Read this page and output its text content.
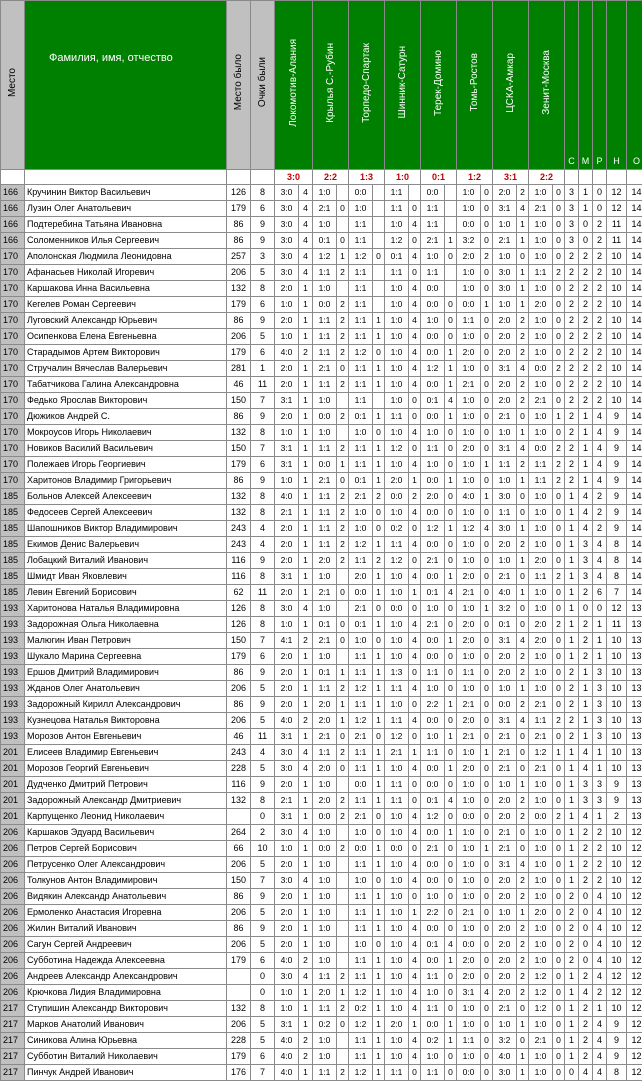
Место	Фамилия, имя, отчество	Место было	Очки были	Локомотив-Алания		Крылья С.-Рубин		Торпедо-Спартак		Шинник-Сатурн		Терек-Домино		Томь-Ростов		ЦСКА-Амкар		Зенит-Москва		С	М	Р	Н	О
				3:0		2:2		1:3		1:0		0:1		1:2		3:1		2:2						
166	Кручинин Виктор Васильевич	126	8	3:0	4	1:0		0:0		1:1		0:0		1:0	0	2:0	2	1:0	0	3	1	0	12	14
166	Лузин Олег Анатольевич	179	6	3:0	4	2:1	0	1:0		1:1	0	1:1		1:0	0	3:1	4	2:1	0	3	1	0	12	14
166	Подтеребина Татьяна Ивановна	86	9	3:0	4	1:0		1:1		1:0	4	1:1		0:0	0	1:0	1	1:0	0	3	0	2	11	14
166	Соломенников Илья Сергеевич	86	9	3:0	4	0:1	0	1:1		1:2	0	2:1	1	3:2	0	2:1	1	1:0	0	3	0	2	11	14
170	Аполонская Людмила Леонидовна	257	3	3:0	4	1:2	1	1:2	0	0:1	4	1:0	0	2:0	2	1:0	0	1:0	0	2	2	2	10	14
170	Афанасьев Николай Игоревич	206	5	3:0	4	1:1	2	1:1		1:1	0	1:1		1:0	0	3:0	1	1:1	2	2	2	2	10	14
170	Каршакова Инна Васильевна	132	8	2:0	1	1:0		1:1		1:0	4	0:0		1:0	0	3:0	1	1:0	0	2	2	2	10	14
170	Кегелев Роман Сергеевич	179	6	1:0	1	0:0	2	1:1		1:0	4	0:0	0	0:0	1	1:0	1	2:0	0	2	2	2	10	14
170	Луговский Александр Юрьевич	86	9	2:0	1	1:1	2	1:1	1	1:0	4	1:0	0	1:1	0	2:0	2	1:0	0	2	2	2	10	14
170	Осипенкова Елена Евгеньевна	206	5	1:0	1	1:1	2	1:1	1	1:0	4	0:0	0	1:0	0	2:0	2	1:0	0	2	2	2	10	14
170	Старадымов Артем Викторович	179	6	4:0	2	1:1	2	1:2	0	1:0	4	0:0	1	2:0	0	2:0	2	1:0	0	2	2	2	10	14
170	Стручалин Вячеслав Валерьевич	281	1	2:0	1	2:1	0	1:1	1	1:0	4	1:2	1	1:0	0	3:1	4	0:0	2	2	2	2	10	14
170	Табатчикова Галина Александровна	46	11	2:0	1	1:1	2	1:1	1	1:0	4	0:0	1	2:1	0	2:0	2	1:0	0	2	2	2	10	14
170	Федько Ярослав Викторович	150	7	3:1	1	1:0		1:1		1:0	0	0:1	4	1:0	0	2:0	2	2:1	0	2	2	2	10	14
170	Дюжиков Андрей С.	86	9	2:0	1	0:0	2	0:1	1	1:1	0	0:0	1	1:0	0	2:1	0	1:0	1	2	1	4	9	14
170	Мокроусов Игорь Николаевич	132	8	1:0	1	1:0		1:0	0	1:0	4	1:0	0	1:0	0	1:0	1	1:0	0	2	1	4	9	14
170	Новиков Василий Васильевич	150	7	3:1	1	1:1	2	1:1	1	1:2	0	1:1	0	2:0	0	3:1	4	0:0	2	2	1	4	9	14
170	Полежаев Игорь Георгиевич	179	6	3:1	1	0:0	1	1:1	1	1:0	4	1:0	0	1:0	1	1:1	2	1:1	2	2	1	4	9	14
170	Харитонов Владимир Григорьевич	86	9	1:0	1	2:1	0	0:1	1	2:0	1	0:0	1	1:0	0	1:0	1	1:1	2	2	1	4	9	14
185	Больнов Алексей Алексеевич	132	8	4:0	1	1:1	2	2:1	2	0:0	2	2:0	0	4:0	1	3:0	0	1:0	0	1	4	2	9	14
185	Федосеев Сергей Алексеевич	132	8	2:1	1	1:1	2	1:0	0	1:0	4	0:0	0	1:0	0	1:1	0	1:0	0	1	4	2	9	14
185	Шапошников Виктор Владимирович	243	4	2:0	1	1:1	2	1:0	0	0:2	0	1:2	1	1:2	4	3:0	1	1:0	0	1	4	2	9	14
185	Екимов Денис Валерьевич	243	4	2:0	1	1:1	2	1:2	1	1:1	4	0:0	0	1:0	0	2:0	2	1:0	0	1	3	4	8	14
185	Лобацкий Виталий Иванович	116	9	2:0	1	2:0	2	1:1	2	1:2	0	2:1	0	1:0	0	1:0	1	2:0	0	1	3	4	8	14
185	Шмидт Иван Яковлевич	116	8	3:1	1	1:0		2:0	1	1:0	4	0:0	1	2:0	0	2:1	0	1:1	2	1	3	4	8	14
185	Левин Евгений Борисович	62	11	2:0	1	2:1	0	0:0	1	1:0	1	0:1	4	2:1	0	4:0	1	1:0	0	1	2	6	7	14
193	Харитонова Наталья Владимировна	126	8	3:0	4	1:0		2:1	0	0:0	0	1:0	0	1:0	1	3:2	0	1:0	0	1	0	0	12	13
193	Задорожная Ольга Николаевна	126	8	1:0	1	0:1	0	0:1	1	1:0	4	2:1	0	2:0	0	0:1	0	2:0	2	1	2	1	11	13
193	Малюгин Иван Петрович	150	7	4:1	2	2:1	0	1:0	0	1:0	4	0:0	1	2:0	0	3:1	4	2:0	0	1	2	1	10	13
193	Шукало Марина Сергеевна	179	6	2:0	1	1:0		1:1	1	1:0	4	0:0	0	1:0	0	2:0	2	1:0	0	1	2	1	10	13
193	Ершов Дмитрий Владимирович	86	9	2:0	1	0:1	1	1:1	1	1:3	0	1:1	0	1:1	0	2:0	2	1:0	0	2	1	3	10	13
193	Жданов Олег Анатольевич	206	5	2:0	1	1:1	2	1:2	1	1:1	4	1:0	0	1:0	0	1:0	1	1:0	0	2	1	3	10	13
193	Задорожный Кирилл Александрович	86	9	2:0	1	2:0	1	1:1	1	1:0	0	2:2	1	2:1	0	0:0	2	2:1	0	2	1	3	10	13
193	Кузнецова Наталья Викторовна	206	5	4:0	2	2:0	1	1:2	1	1:1	4	0:0	0	2:0	0	3:1	4	1:1	2	2	1	3	10	13
193	Морозов Антон Евгеньевич	46	11	3:1	1	2:1	0	2:1	0	1:2	0	1:0	1	2:1	0	2:1	0	2:1	0	2	1	3	10	13
201	Елисеев Владимир Евгеньевич	243	4	3:0	4	1:1	2	1:1	1	2:1	1	1:1	0	1:0	1	2:1	0	1:2	1	1	4	1	10	13
201	Морозов Георгий Евгеньевич	228	5	3:0	4	2:0	0	1:1	1	1:0	4	0:0	1	2:0	0	2:1	0	2:1	0	1	4	1	10	13
201	Дудченко Дмитрий Петрович	116	9	2:0	1	1:0		0:0	1	1:1	0	0:0	0	1:0	0	1:0	1	1:0	0	1	3	3	9	13
201	Задорожный Александр Дмитриевич	132	8	2:1	1	2:0	2	1:1	1	1:1	0	0:1	4	1:0	0	2:0	2	1:0	0	1	3	3	9	13
201	Карпущенко Леонид Николаевич		0	3:1	1	0:0	2	2:1	0	1:0	4	1:2	0	0:0	0	2:0	2	0:0	2	1	4	1	2	13
206	Каршаков Эдуард Васильевич	264	2	3:0	4	1:0		1:0	0	1:0	4	0:0	1	1:0	0	2:1	0	1:0	0	1	2	2	10	12
206	Петров Сергей Борисович	66	10	1:0	1	0:0	2	0:0	1	0:0	0	2:1	0	1:0	1	2:1	0	1:0	0	1	2	2	10	12
206	Петрусенко Олег Александрович	206	5	2:0	1	1:0		1:1	1	1:0	4	0:0	0	1:0	0	3:1	4	1:0	0	1	2	2	10	12
206	Толкунов Антон Владимирович	150	7	3:0	4	1:0		1:0	0	1:0	4	0:0	0	1:0	0	2:0	2	1:0	0	1	2	2	10	12
206	Видякин Александр Анатольевич	86	9	2:0	1	1:0		1:1	1	1:0	0	1:0	0	1:0	0	2:0	2	1:0	0	2	0	4	10	12
206	Ермоленко Анастасия Игоревна	206	5	2:0	1	1:0		1:1	1	1:0	1	2:2	0	2:1	0	1:0	1	2:0	0	2	0	4	10	12
206	Жилин Виталий Иванович	86	9	2:0	1	1:0		1:1	1	1:0	4	0:0	0	1:0	0	2:0	2	1:0	0	2	0	4	10	12
206	Сагун Сергей Андреевич	206	5	2:0	1	1:0		1:0	0	1:0	4	0:1	4	0:0	0	2:0	2	1:0	0	2	0	4	10	12
206	Субботина Надежда Алексеевна	179	6	4:0	2	1:0		1:1	1	1:0	4	0:0	1	2:0	0	2:0	2	1:0	0	2	0	4	10	12
206	Андреев Александр Александрович		0	3:0	4	1:1	2	1:1	1	1:0	4	1:1	0	2:0	0	2:0	2	1:2	0	1	2	4	12	12
206	Крючкова Лидия Владимировна		0	1:0	1	2:0	1	1:2	1	1:0	4	1:0	0	3:1	4	2:0	2	1:2	0	1	4	2	12	12
217	Ступишин Александр Викторович	132	8	1:0	1	1:1	2	0:2	1	1:0	4	1:1	0	1:0	0	2:1	0	1:2	0	1	2	1	10	12
217	Марков Анатолий Иванович	206	5	3:1	1	0:2	0	1:2	1	2:0	1	0:0	1	1:0	0	1:0	1	1:0	0	1	2	4	9	12
217	Синикова Алина Юрьевна	228	5	4:0	2	1:0		1:1	1	1:0	4	0:2	1	1:1	0	3:2	0	2:1	0	1	2	4	9	12
217	Субботин Виталий Николаевич	179	6	4:0	2	1:0		1:1	1	1:0	4	1:0	0	1:0	0	4:0	1	1:0	0	1	2	4	9	12
217	Пинчук Андрей Иванович	176	7	4:0	1	1:1	2	1:2	1	1:1	0	1:1	0	0:0	0	3:0	1	1:0	0	0	4	4	8	12
